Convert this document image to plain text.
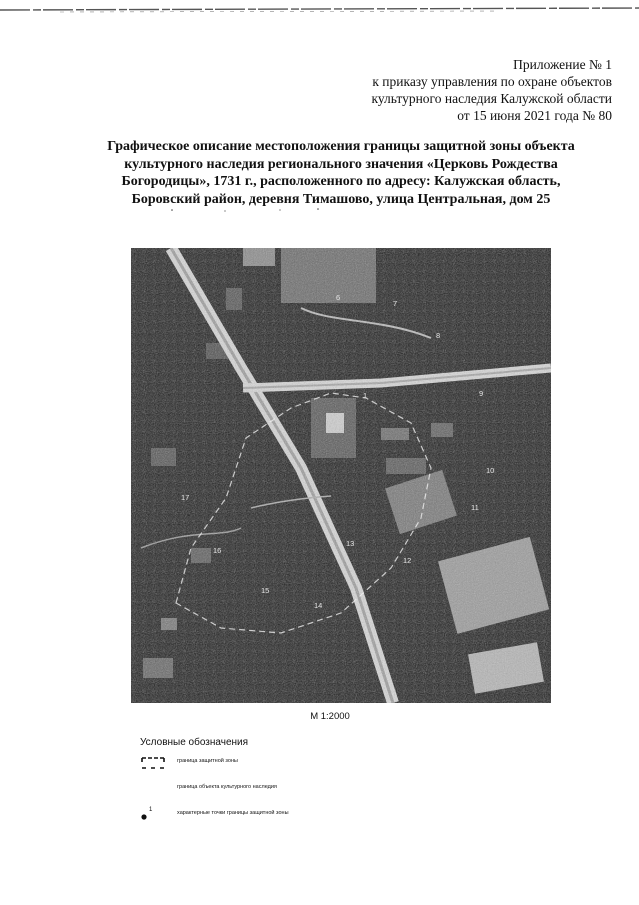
Приложение № 1
к приказу управления по охране объектов
культурного наследия Калужской области
от 15 июня 2021 года № 80
Графическое описание местоположения границы защитной зоны объекта
культурного наследия регионального значения «Церковь Рождества
Богородицы», 1731 г., расположенного по адресу: Калужская область,
Боровский район, деревня Тимашово, улица Центральная, дом 25
1
6
7
8
9
10
11
12
13
14
15
16
17
М 1:2000
Условные обозначения
граница защитной зоны
граница объекта культурного наследия
1	характерные точки границы защитной зоны
